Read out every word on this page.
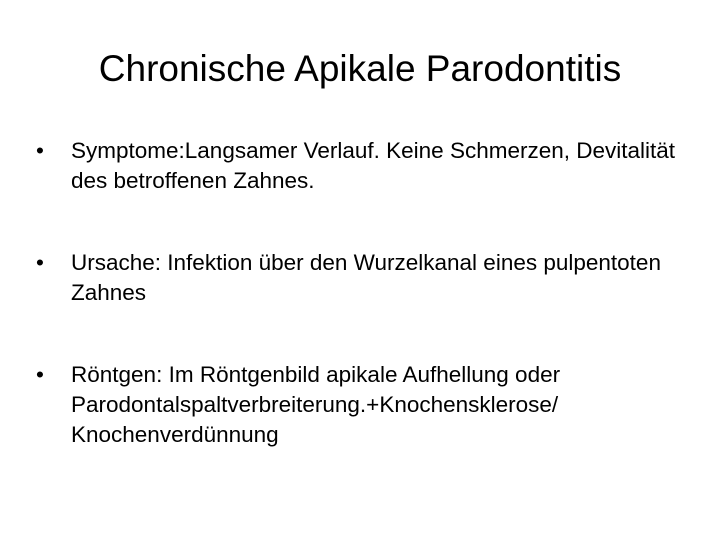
Chronische Apikale Parodontitis
•	Symptome:Langsamer Verlauf. Keine Schmerzen, Devitalität des betroffenen Zahnes.
•	Ursache: Infektion über den Wurzelkanal eines pulpentoten Zahnes
•	Röntgen: Im Röntgenbild apikale Aufhellung oder Parodontalspaltverbreiterung.+Knochensklerose/ Knochenverdünnung
